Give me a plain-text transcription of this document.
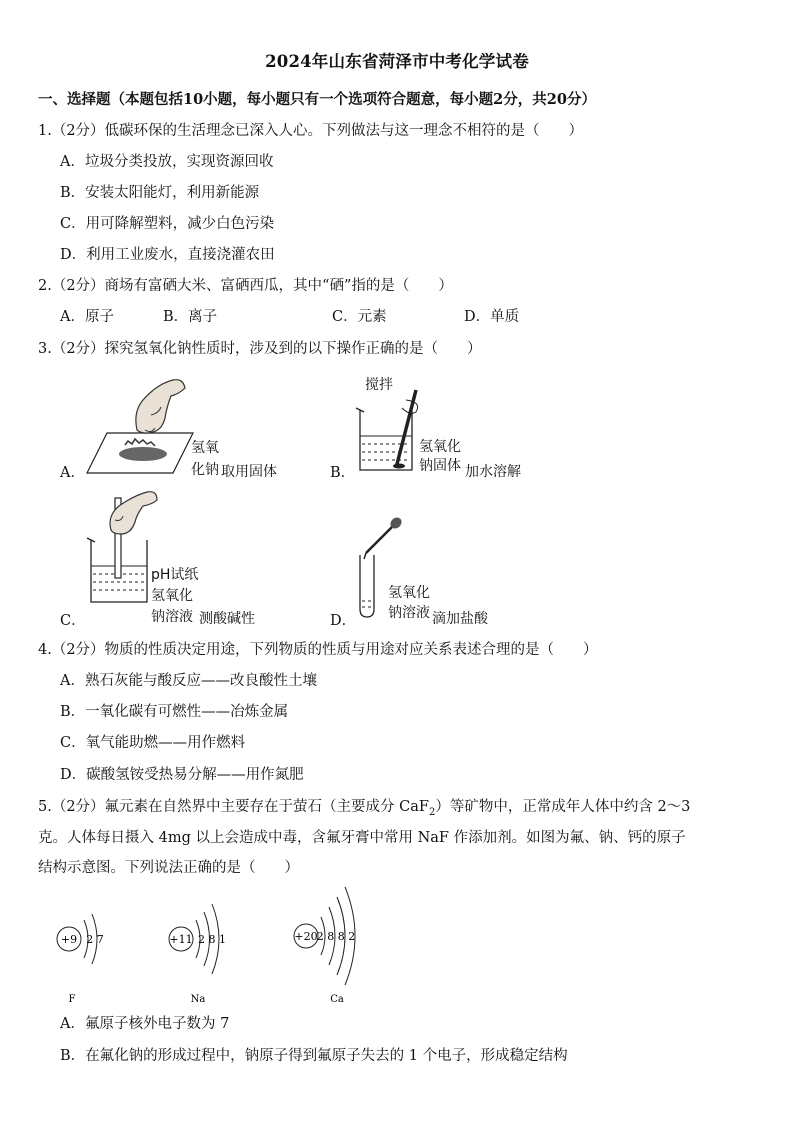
2024年山东省菏泽市中考化学试卷
一、选择题（本题包括10小题，每小题只有一个选项符合题意，每小题2分，共20分）
1.（2分）低碳环保的生活理念已深入人心。下列做法与这一理念不相符的是（　　）
A．垃圾分类投放，实现资源回收
B．安装太阳能灯，利用新能源
C．用可降解塑料，减少白色污染
D．利用工业废水，直接浇灌农田
2.（2分）商场有富硒大米、富硒西瓜，其中“硒”指的是（　　）
A．原子	B．离子	C．元素	D．单质
3.（2分）探究氢氧化钠性质时，涉及到的以下操作正确的是（　　）
A．
氢氧
化钠 取用固体	B．
搅拌
氢氧化
钠固体 加水溶解
C．
pH试纸
氢氧化
钠溶液 测酸碱性	D．
氢氧化
钠溶液 滴加盐酸
4.（2分）物质的性质决定用途，下列物质的性质与用途对应关系表述合理的是（　　）
A．熟石灰能与酸反应——改良酸性土壤
B．一氧化碳有可燃性——冶炼金属
C．氧气能助燃——用作燃料
D．碳酸氢铵受热易分解——用作氮肥
5.（2分）氟元素在自然界中主要存在于萤石（主要成分 CaF$_2$）等矿物中，正常成年人体中约含 2～3
克。人体每日摄入 4mg 以上会造成中毒，含氟牙膏中常用 NaF 作添加剂。如图为氟、钠、钙的原子
结构示意图。下列说法正确的是（　　）
+9 2 7
F
+11 2 8 1
Na
+20 2 8 8 2
Ca
A．氟原子核外电子数为 7
B．在氟化钠的形成过程中，钠原子得到氟原子失去的 1 个电子，形成稳定结构
